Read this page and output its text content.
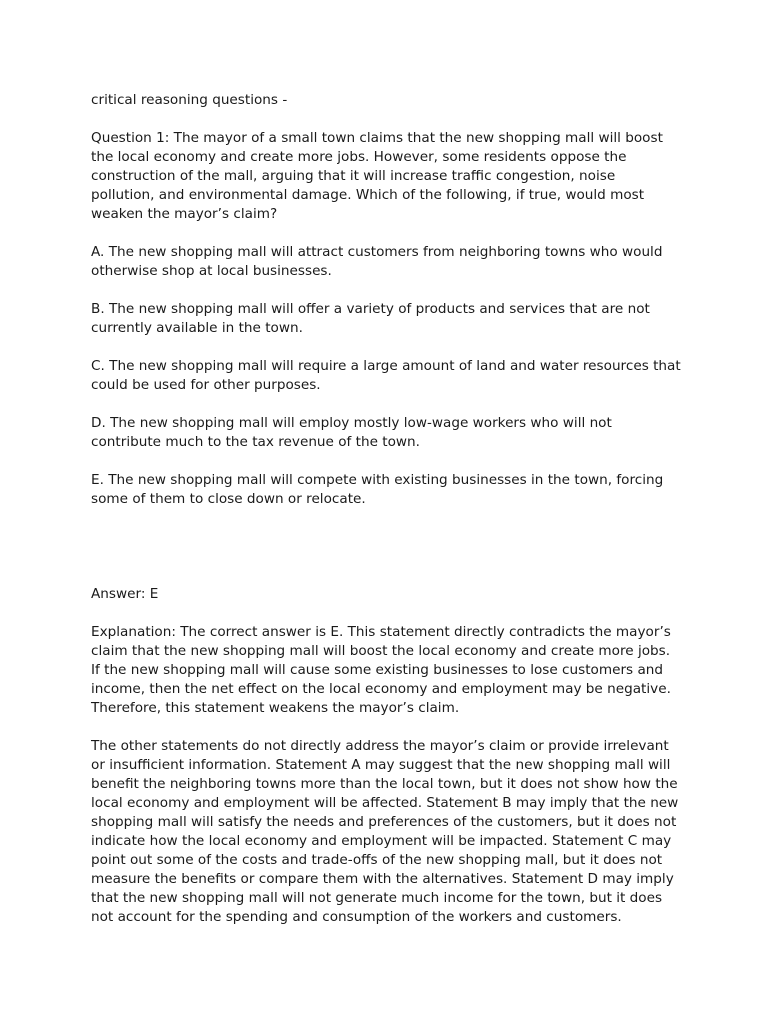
critical reasoning questions -

Question 1: The mayor of a small town claims that the new shopping mall will boost the local economy and create more jobs. However, some residents oppose the construction of the mall, arguing that it will increase traffic congestion, noise pollution, and environmental damage. Which of the following, if true, would most weaken the mayor’s claim?

A. The new shopping mall will attract customers from neighboring towns who would otherwise shop at local businesses.

B. The new shopping mall will offer a variety of products and services that are not currently available in the town.

C. The new shopping mall will require a large amount of land and water resources that could be used for other purposes.

D. The new shopping mall will employ mostly low-wage workers who will not contribute much to the tax revenue of the town.

E. The new shopping mall will compete with existing businesses in the town, forcing some of them to close down or relocate.

Answer: E

Explanation: The correct answer is E. This statement directly contradicts the mayor’s claim that the new shopping mall will boost the local economy and create more jobs. If the new shopping mall will cause some existing businesses to lose customers and income, then the net effect on the local economy and employment may be negative. Therefore, this statement weakens the mayor’s claim.

The other statements do not directly address the mayor’s claim or provide irrelevant or insufficient information. Statement A may suggest that the new shopping mall will benefit the neighboring towns more than the local town, but it does not show how the local economy and employment will be affected. Statement B may imply that the new shopping mall will satisfy the needs and preferences of the customers, but it does not indicate how the local economy and employment will be impacted. Statement C may point out some of the costs and trade-offs of the new shopping mall, but it does not measure the benefits or compare them with the alternatives. Statement D may imply that the new shopping mall will not generate much income for the town, but it does not account for the spending and consumption of the workers and customers.
